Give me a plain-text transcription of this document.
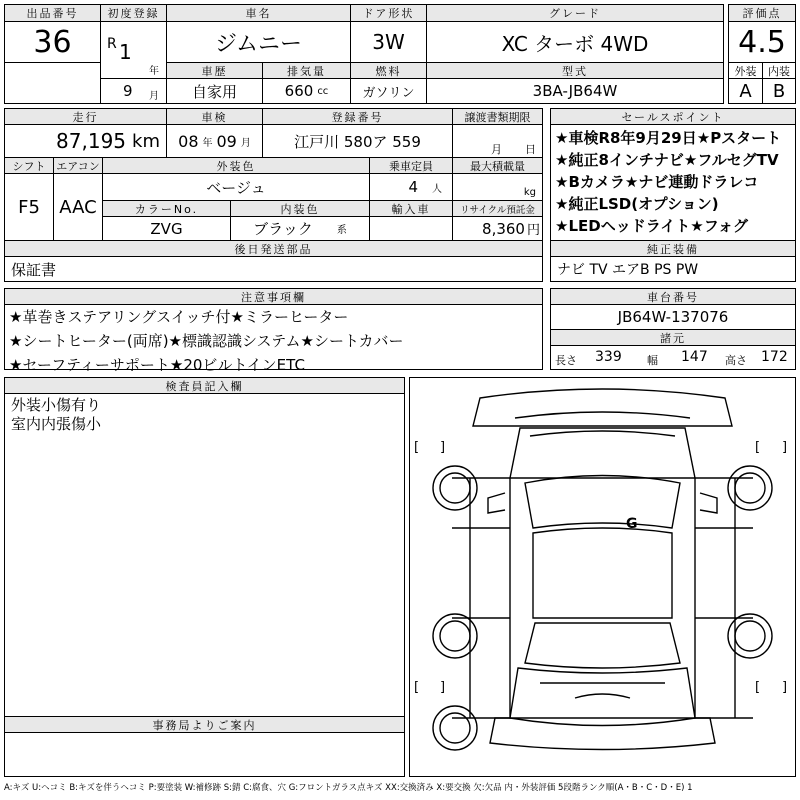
出品番号
36
初度登録
R 1
年
9 月
車名
ジムニー
ドア形状
3W
グレード
XC ターボ 4WD
評価点
4.5
外装 内装
A B
車歴
自家用
排気量
660 cc
燃料
ガソリン
型式
3BA-JB64W
走行
87,195 km
車検
08 年 09 月
登録番号
江戸川 580ア 559
譲渡書類期限
月 日
セールスポイント
★車検R8年9月29日★Pスタート
★純正8インチナビ★フルセグTV
★Bカメラ★ナビ連動ドラレコ
★純正LSD(オプション)
★LEDヘッドライト★フォグ
シフト
F5
エアコン
AAC
外装色
ベージュ
乗車定員
4 人
最大積載量
kg
カラーNo.
ZVG
内装色
ブラック 系
輸入車	リサイクル預託金
8,360 円
後日発送部品
保証書
純正装備
ナビ TV エアB PS PW
注意事項欄
★革巻きステアリングスイッチ付★ミラーヒーター
★シートヒーター(両席)★標識認識システム★シートカバー
★セーフティーサポート★20ビルトインETC
車台番号
JB64W-137076
諸元
長さ 339 幅 147 高さ 172
検査員記入欄
外装小傷有り
室内内張傷小
事務局よりご案内
[ ]	[ ]
[ ]	[ ]
G
A:キズ U:ヘコミ B:キズを伴うヘコミ P:要塗装 W:補修跡 S:錆 C:腐食、穴 G:フロントガラス点キズ XX:交換済み X:要交換 欠:欠品 内・外装評価 5段階ランク順(A・B・C・D・E) 1
